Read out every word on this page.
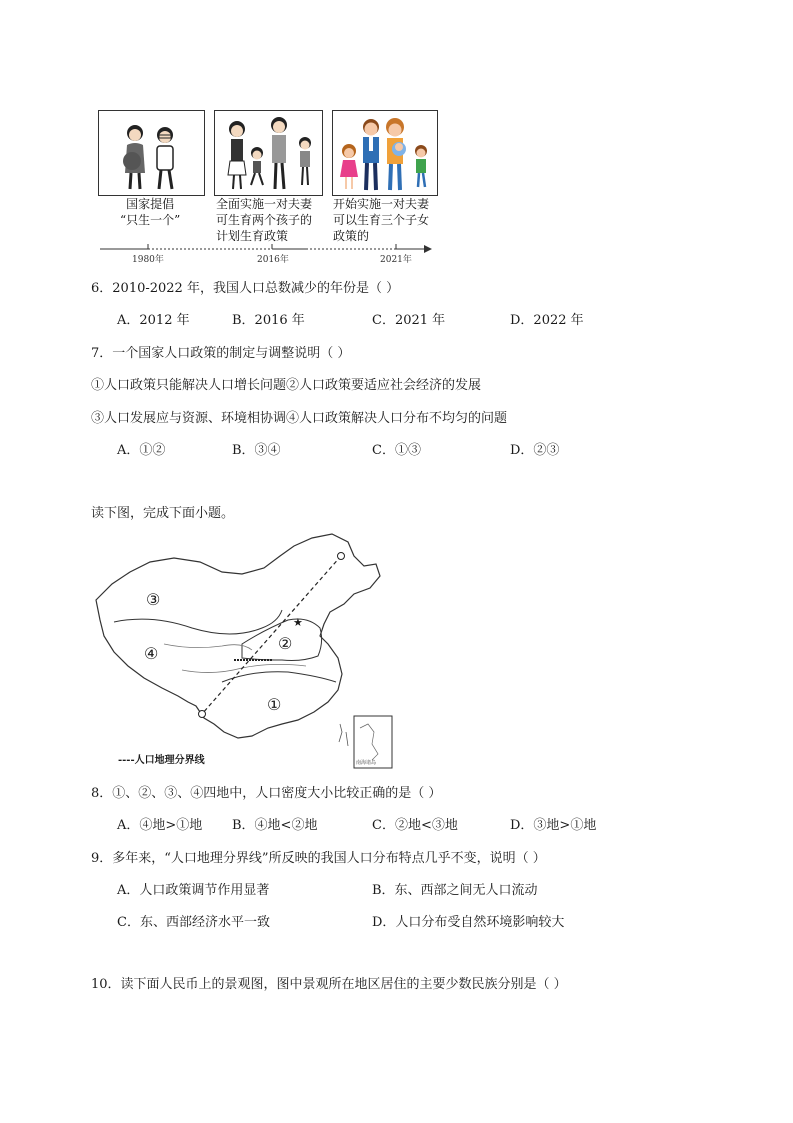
国家提倡
“只生一个”
全面实施一对夫妻
可生育两个孩子的
计划生育政策
开始实施一对夫妻
可以生育三个子女
政策的
1980年	2016年	2021年
6．2010-2022 年，我国人口总数减少的年份是（ ）
A．2012 年	B．2016 年	C．2021 年	D．2022 年
7．一个国家人口政策的制定与调整说明（ ）
①人口政策只能解决人口增长问题②人口政策要适应社会经济的发展
③人口发展应与资源、环境相协调④人口政策解决人口分布不均匀的问题
A．①②	B．③④	C．①③	D．②③
读下图，完成下面小题。
③
④
②
①
★
南海诸岛
----人口地理分界线
8．①、②、③、④四地中，人口密度大小比较正确的是（ ）
A．④地>①地 B．④地<②地	C．②地<③地	D．③地>①地
9．多年来，“人口地理分界线”所反映的我国人口分布特点几乎不变，说明（ ）
A．人口政策调节作用显著	B．东、西部之间无人口流动
C．东、西部经济水平一致	D．人口分布受自然环境影响较大
10．读下面人民币上的景观图，图中景观所在地区居住的主要少数民族分别是（ ）
